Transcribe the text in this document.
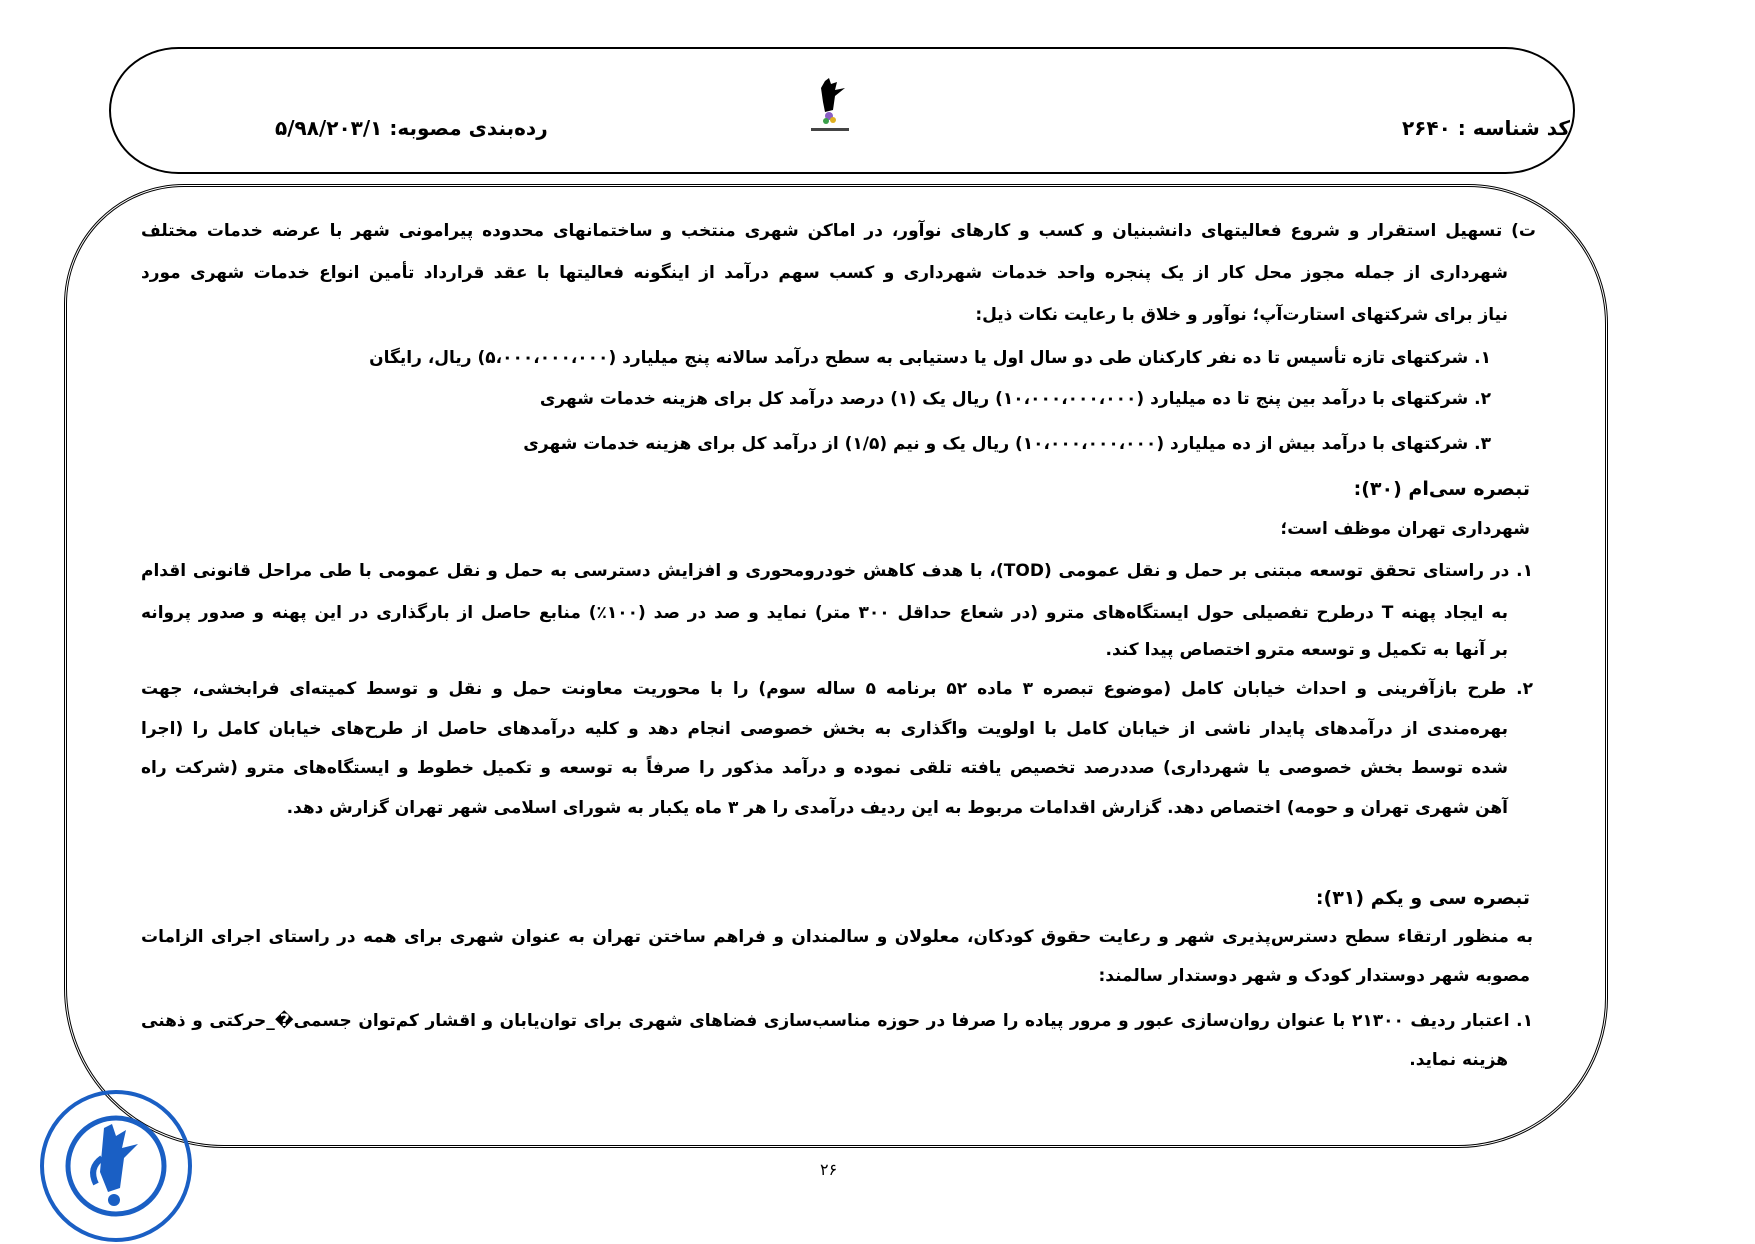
کد شناسه : ۲۶۴۰
رده‌بندی مصوبه: ۵/۹۸/۲۰۳/۱
ت) تسهیل استقرار و شروع فعالیتهای دانشبنیان و کسب و کارهای نوآور، در اماکن شهری منتخب و ساختمانهای محدوده پیرامونی شهر با عرضه خدمات مختلف
شهرداری از جمله مجوز محل کار از یک پنجره واحد خدمات شهرداری و کسب سهم درآمد از اینگونه فعالیتها با عقد قرارداد تأمین انواع خدمات شهری مورد
نیاز برای شرکتهای استارت‌آپ؛ نوآور و خلاق با رعایت نکات ذیل:
۱. شرکتهای تازه تأسیس تا ده نفر کارکنان طی دو سال اول یا دستیابی به سطح درآمد سالانه پنج میلیارد (۵،۰۰۰،۰۰۰،۰۰۰) ریال، رایگان
۲. شرکتهای با درآمد بین پنج تا ده میلیارد (۱۰،۰۰۰،۰۰۰،۰۰۰) ریال یک (۱) درصد درآمد کل برای هزینه خدمات شهری
۳. شرکتهای با درآمد بیش از ده میلیارد (۱۰،۰۰۰،۰۰۰،۰۰۰) ریال یک و نیم (۱/۵) از درآمد کل برای هزینه خدمات شهری
تبصره سی‌ام (۳۰):
شهرداری تهران موظف است؛
۱. در راستای تحقق توسعه مبتنی بر حمل و نقل عمومی (TOD)، با هدف کاهش خودرومحوری و افزایش دسترسی به حمل و نقل عمومی با طی مراحل قانونی اقدام
به ایجاد پهنه T درطرح تفصیلی حول ایستگاه‌های مترو (در شعاع حداقل ۳۰۰ متر) نماید و صد در صد (۱۰۰٪) منابع حاصل از بارگذاری در این پهنه و صدور پروانه
بر آنها به تکمیل و توسعه مترو اختصاص پیدا کند.
۲. طرح بازآفرینی و احداث خیابان کامل (موضوع تبصره ۳ ماده ۵۲ برنامه ۵ ساله سوم) را با محوریت معاونت حمل و نقل و توسط کمیته‌ای فرابخشی، جهت
بهره‌مندی از درآمدهای پایدار ناشی از خیابان کامل با اولویت واگذاری به بخش خصوصی انجام دهد و کلیه درآمدهای حاصل از طرح‌های خیابان کامل را (اجرا
شده توسط بخش خصوصی یا شهرداری) صددرصد تخصیص یافته تلقی نموده و درآمد مذکور را صرفاً به توسعه و تکمیل خطوط و ایستگاه‌های مترو (شرکت راه
آهن شهری تهران و حومه) اختصاص دهد. گزارش اقدامات مربوط به این ردیف درآمدی را هر ۳ ماه یکبار به شورای اسلامی شهر تهران گزارش دهد.
تبصره سی و یکم (۳۱):
به منظور ارتقاء سطح دسترس‌پذیری شهر و رعایت حقوق کودکان، معلولان و سالمندان و فراهم ساختن تهران به عنوان شهری برای همه در راستای اجرای الزامات
مصوبه شهر دوستدار کودک و شهر دوستدار سالمند:
۱. اعتبار ردیف ۲۱۳۰۰ با عنوان روان‌سازی عبور و مرور پیاده را صرفا در حوزه مناسب‌سازی فضاهای شهری برای توان‌یابان و اقشار کم‌توان جسمی�_حرکتی و ذهنی
هزینه نماید.
۲۶
